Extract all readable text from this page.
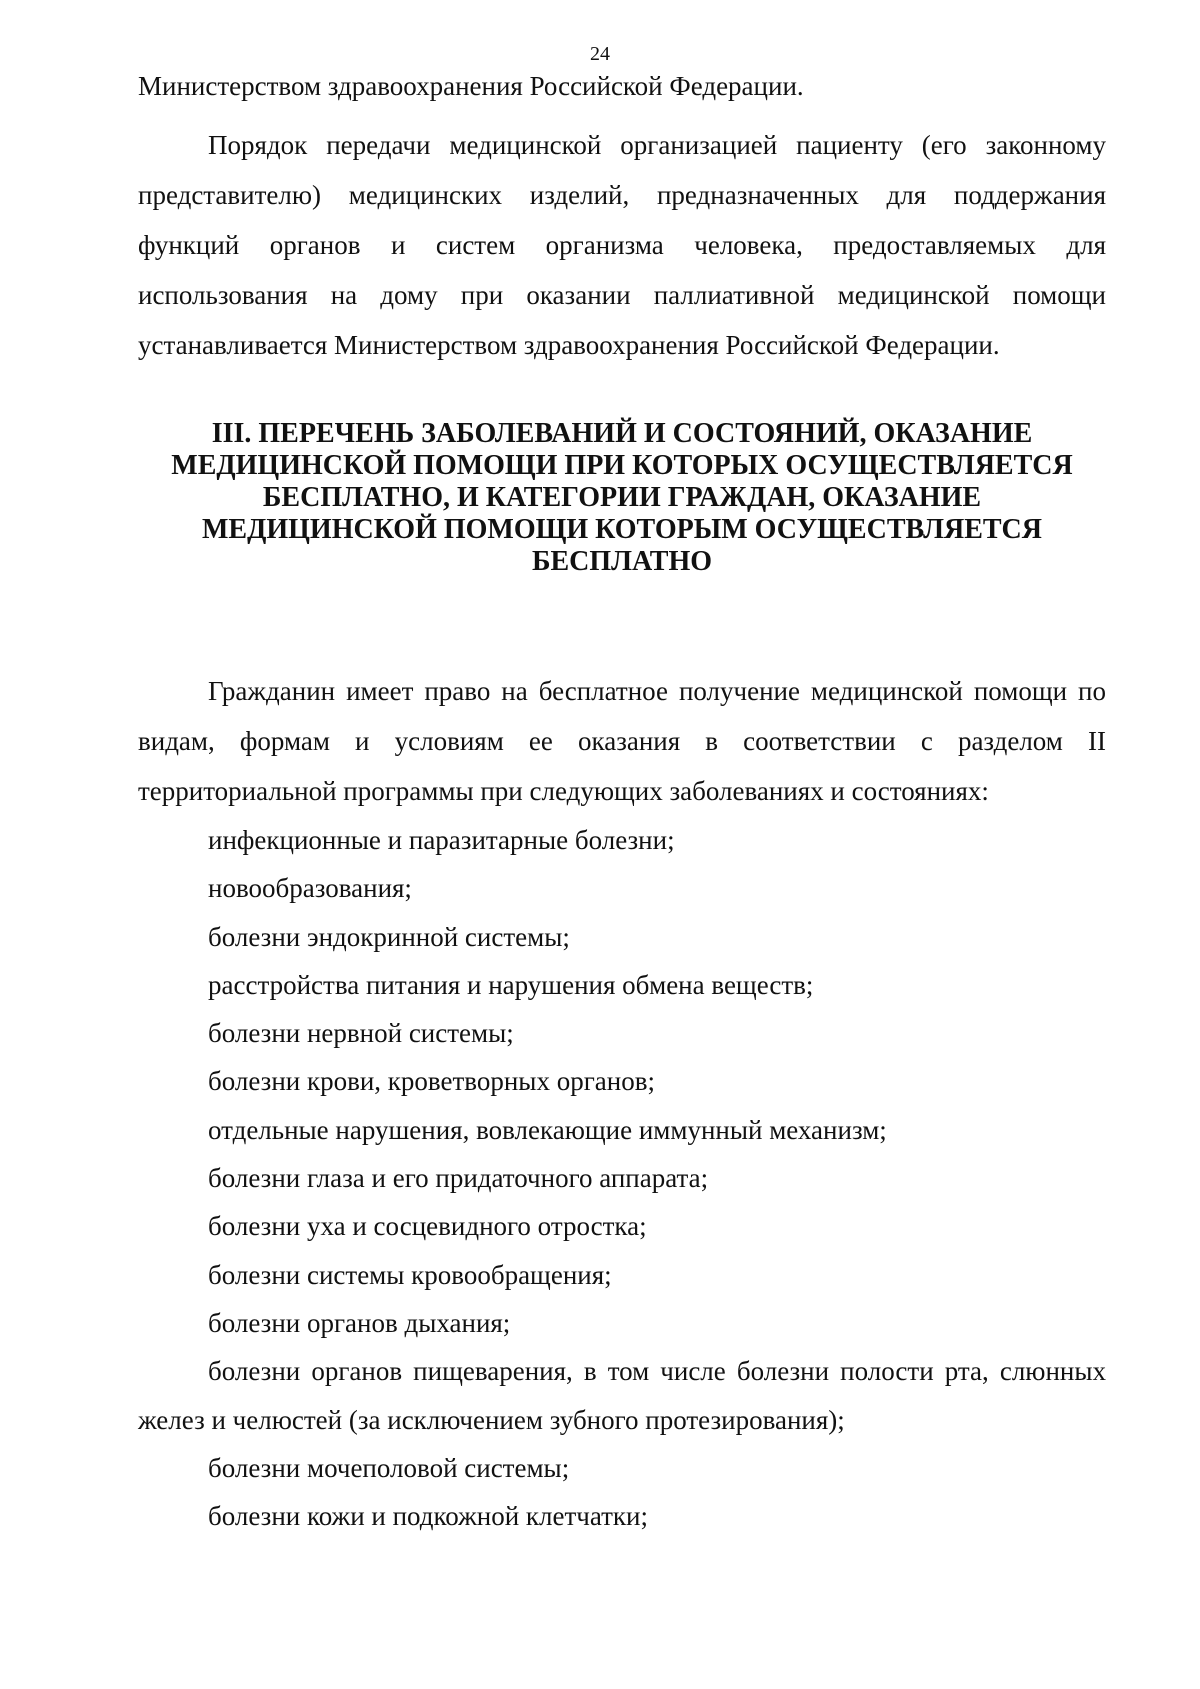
24

Министерством здравоохранения Российской Федерации.

Порядок передачи медицинской организацией пациенту (его законному представителю) медицинских изделий, предназначенных для поддержания функций органов и систем организма человека, предоставляемых для использования на дому при оказании паллиативной медицинской помощи устанавливается Министерством здравоохранения Российской Федерации.

III. ПЕРЕЧЕНЬ ЗАБОЛЕВАНИЙ И СОСТОЯНИЙ, ОКАЗАНИЕ
МЕДИЦИНСКОЙ ПОМОЩИ ПРИ КОТОРЫХ ОСУЩЕСТВЛЯЕТСЯ
БЕСПЛАТНО, И КАТЕГОРИИ ГРАЖДАН, ОКАЗАНИЕ
МЕДИЦИНСКОЙ ПОМОЩИ КОТОРЫМ ОСУЩЕСТВЛЯЕТСЯ
БЕСПЛАТНО

Гражданин имеет право на бесплатное получение медицинской помощи по видам, формам и условиям ее оказания в соответствии с разделом II территориальной программы при следующих заболеваниях и состояниях:

инфекционные и паразитарные болезни;

новообразования;

болезни эндокринной системы;

расстройства питания и нарушения обмена веществ;

болезни нервной системы;

болезни крови, кроветворных органов;

отдельные нарушения, вовлекающие иммунный механизм;

болезни глаза и его придаточного аппарата;

болезни уха и сосцевидного отростка;

болезни системы кровообращения;

болезни органов дыхания;

болезни органов пищеварения, в том числе болезни полости рта, слюнных желез и челюстей (за исключением зубного протезирования);

болезни мочеполовой системы;

болезни кожи и подкожной клетчатки;
